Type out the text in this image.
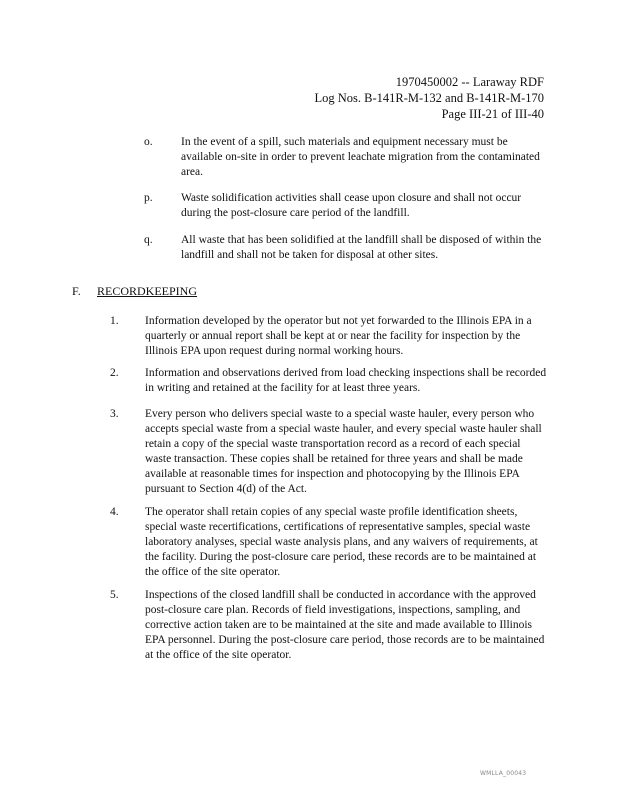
1970450002 -- Laraway RDF
Log Nos. B-141R-M-132 and B-141R-M-170
Page III-21 of III-40
o. In the event of a spill, such materials and equipment necessary must be available on-site in order to prevent leachate migration from the contaminated area.
p. Waste solidification activities shall cease upon closure and shall not occur during the post-closure care period of the landfill.
q. All waste that has been solidified at the landfill shall be disposed of within the landfill and shall not be taken for disposal at other sites.
F. RECORDKEEPING
1. Information developed by the operator but not yet forwarded to the Illinois EPA in a quarterly or annual report shall be kept at or near the facility for inspection by the Illinois EPA upon request during normal working hours.
2. Information and observations derived from load checking inspections shall be recorded in writing and retained at the facility for at least three years.
3. Every person who delivers special waste to a special waste hauler, every person who accepts special waste from a special waste hauler, and every special waste hauler shall retain a copy of the special waste transportation record as a record of each special waste transaction. These copies shall be retained for three years and shall be made available at reasonable times for inspection and photocopying by the Illinois EPA pursuant to Section 4(d) of the Act.
4. The operator shall retain copies of any special waste profile identification sheets, special waste recertifications, certifications of representative samples, special waste laboratory analyses, special waste analysis plans, and any waivers of requirements, at the facility. During the post-closure care period, these records are to be maintained at the office of the site operator.
5. Inspections of the closed landfill shall be conducted in accordance with the approved post-closure care plan. Records of field investigations, inspections, sampling, and corrective action taken are to be maintained at the site and made available to Illinois EPA personnel. During the post-closure care period, those records are to be maintained at the office of the site operator.
WMLLA_00043
